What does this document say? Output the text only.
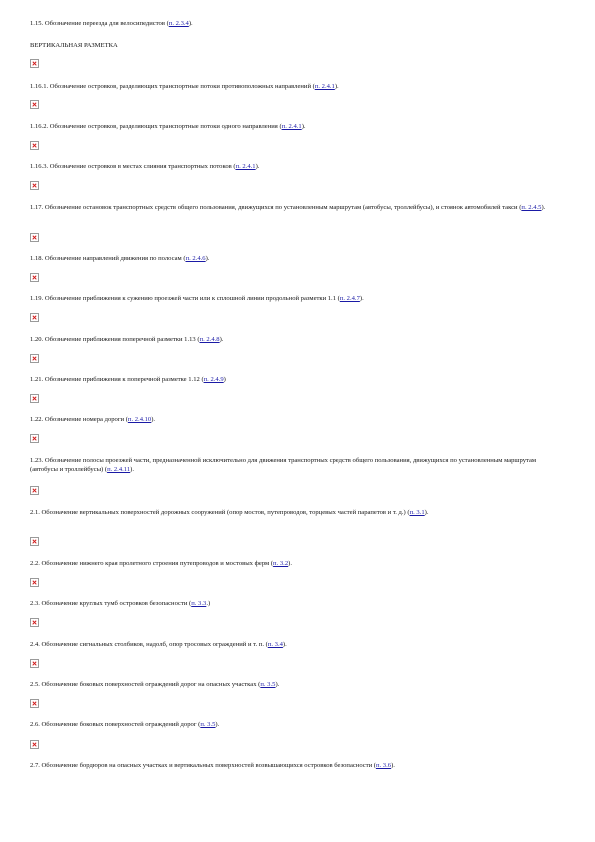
1.15. Обозначение переезда для велосипедистов (п. 2.3.4).

ВЕРТИКАЛЬНАЯ РАЗМЕТКА

1.16.1. Обозначение островков, разделяющих транспортные потоки противоположных направлений (п. 2.4.1).

1.16.2. Обозначение островков, разделяющих транспортные потоки одного направления (п. 2.4.1).

1.16.3. Обозначение островков в местах слияния транспортных потоков (п. 2.4.1).

1.17. Обозначение остановок транспортных средств общего пользования, движущихся по установленным маршрутам (автобусы, троллейбусы), и стоянок автомобилей такси (п. 2.4.5).

1.18. Обозначение направлений движения по полосам (п. 2.4.6).

1.19. Обозначение приближения к сужению проезжей части или к сплошной линии продольной разметки 1.1 (п. 2.4.7).

1.20. Обозначение приближения поперечной разметки 1.13 (п. 2.4.8).

1.21. Обозначение приближения к поперечной разметке 1.12 (п. 2.4.9)

1.22. Обозначение номера дороги (п. 2.4.10).

1.23. Обозначение полосы проезжей части, предназначенной исключительно для движения транспортных средств общего пользования, движущихся по установленным маршрутам (автобусы и троллейбусы) (п. 2.4.11).

2.1. Обозначение вертикальных поверхностей дорожных сооружений (опор мостов, путепроводов, торцевых частей парапетов и т. д.) (п. 3.1).

2.2. Обозначение нижнего края пролетного строения путепроводов и мостовых ферм (п. 3.2).

2.3. Обозначение круглых тумб островков безопасности (п. 3.3.)

2.4. Обозначение сигнальных столбиков, надолб, опор тросовых ограждений и т. п. (п. 3.4).

2.5. Обозначение боковых поверхностей ограждений дорог на опасных участках (п. 3.5).

2.6. Обозначение боковых поверхностей ограждений дорог (п. 3.5).

2.7. Обозначение бордюров на опасных участках и вертикальных поверхностей возвышающихся островков безопасности (п. 3.6).
